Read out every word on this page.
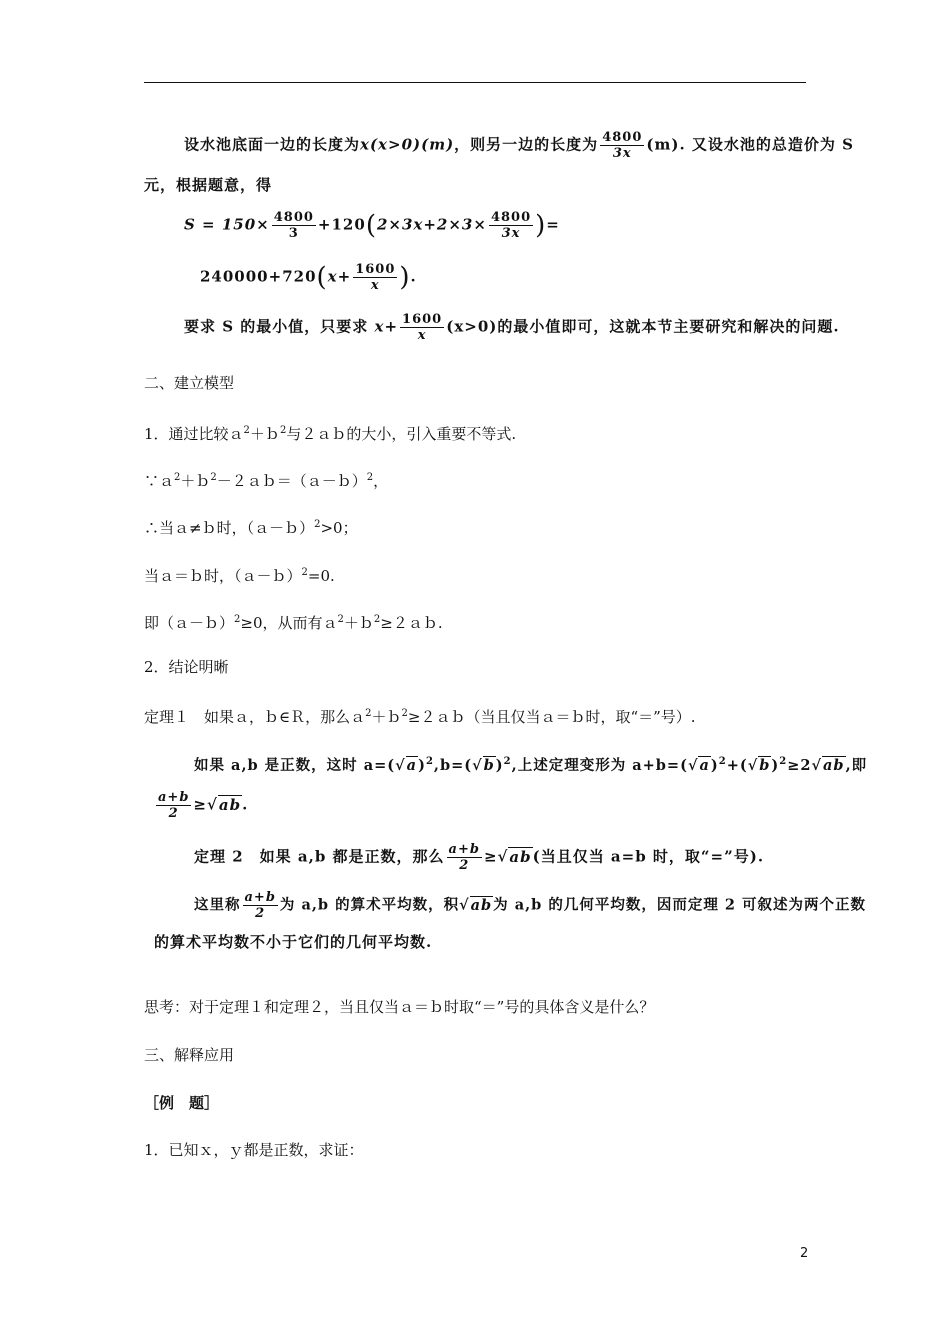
设水池底面一边的长度为x(x>0)(m)，则另一边的长度为 $\frac{4800}{3x} (m)$. 又设水池的总造价为 S
元，根据题意，得
$S = 150\times \frac{4800}{3} +120(2\times 3x+2\times 3\times \frac{4800}{3x}$ )=
$240000+720(x+ \frac{1600}{x}$ ).
要求 S 的最小值，只要求 $x+ \frac{1600}{x} (x>0)$的最小值即可，这就本节主要研究和解决的问题.
二、建立模型
1．通过比较ａ$^2$＋ｂ$^2$与２ａｂ的大小，引入重要不等式.
∵ａ$^2$＋ｂ$^2$－２ａｂ＝（ａ－ｂ）$^2$，
∴当ａ≠ｂ时，（ａ－ｂ）$^2$>0；
当ａ＝ｂ时，（ａ－ｂ）$^2$=0.
即（ａ－ｂ）$^2$≥0，从而有ａ$^2$＋ｂ$^2$≥２ａｂ.
2．结论明晰
定理１　如果ａ，ｂ∈Ｒ，那么ａ$^2$＋ｂ$^2$≥２ａｂ（当且仅当ａ＝ｂ时，取“＝”号）.
如果 a,b 是正数，这时 $a=(√a)^2,b=(√b)^2$,上述定理变形为 $a+b=(√a)^2+(√b)^2\ge 2√ab$,即
$\frac{a+b}{2} \ge√ab$.
定理 2　如果 a,b 都是正数，那么 $\frac{a+b}{2} \ge√ab$(当且仅当 a=b 时，取“=”号).
这里称 $\frac{a+b}{2}$ 为 a,b 的算术平均数，积√ab为 a,b 的几何平均数，因而定理 2 可叙述为两个正数
的算术平均数不小于它们的几何平均数.
思考：对于定理１和定理２，当且仅当ａ＝ｂ时取“＝”号的具体含义是什么？
三、解释应用
［例　题］
1．已知ｘ，ｙ都是正数，求证：
2
